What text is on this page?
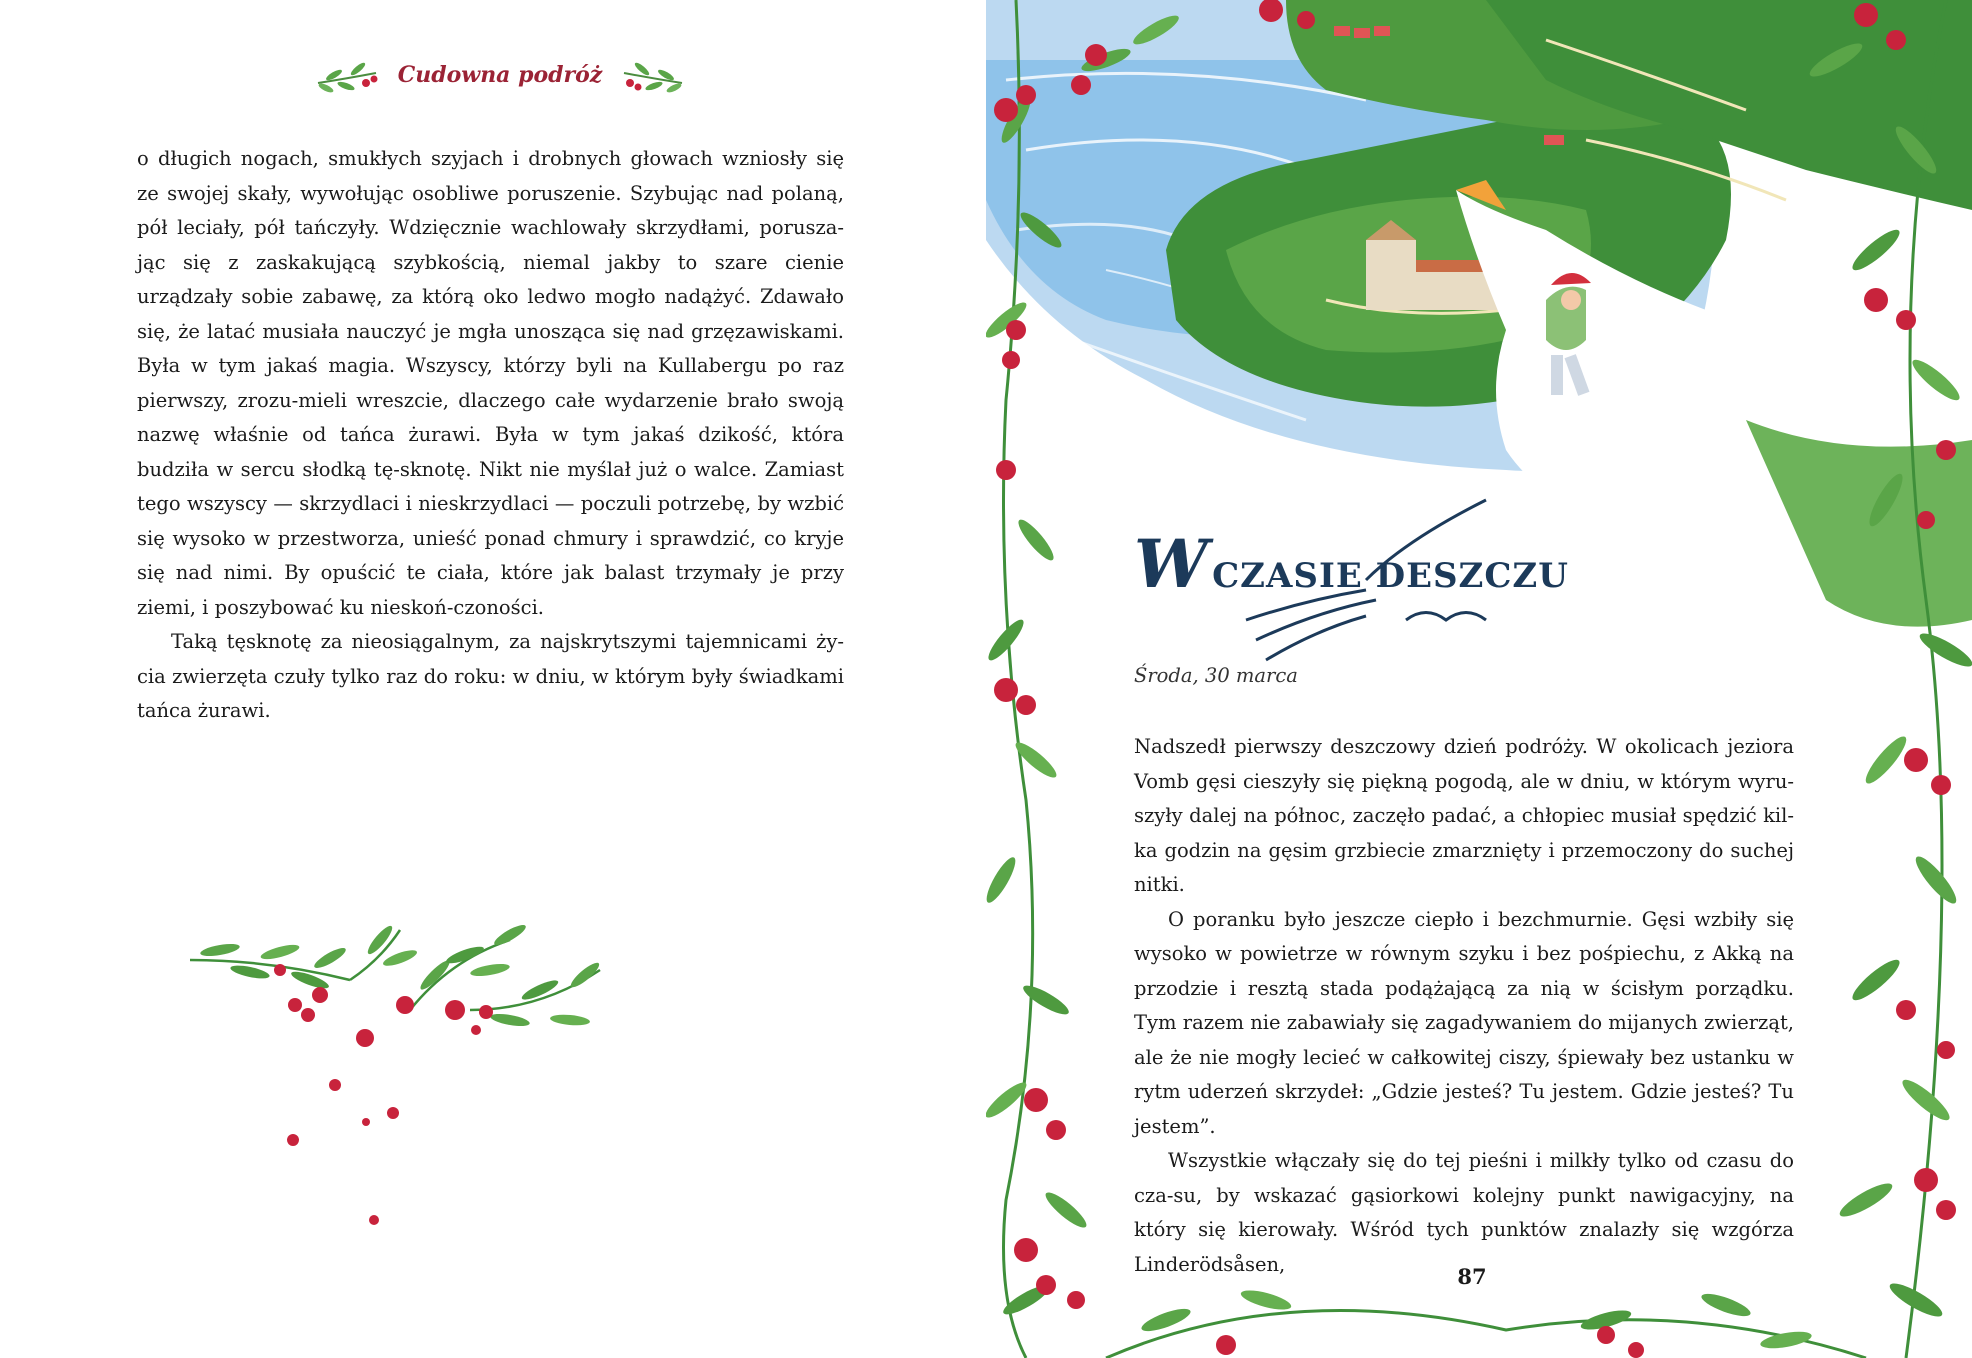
Cudowna podróż

o długich nogach, smukłych szyjach i drobnych głowach wzniosły się ze swojej skały, wywołując osobliwe poruszenie. Szybując nad polaną, pół leciały, pół tańczyły. Wdzięcznie wachlowały skrzydłami, porusza-jąc się z zaskakującą szybkością, niemal jakby to szare cienie urządzały sobie zabawę, za którą oko ledwo mogło nadążyć. Zdawało się, że latać musiała nauczyć je mgła unosząca się nad grzęzawiskami. Była w tym jakaś magia. Wszyscy, którzy byli na Kullabergu po raz pierwszy, zrozu-mieli wreszcie, dlaczego całe wydarzenie brało swoją nazwę właśnie od tańca żurawi. Była w tym jakaś dzikość, która budziła w sercu słodką tę-sknotę. Nikt nie myślał już o walce. Zamiast tego wszyscy — skrzydlaci i nieskrzydlaci — poczuli potrzebę, by wzbić się wysoko w przestworza, unieść ponad chmury i sprawdzić, co kryje się nad nimi. By opuścić te ciała, które jak balast trzymały je przy ziemi, i poszybować ku nieskoń-czoności.

Taką tęsknotę za nieosiągalnym, za najskrytszymi tajemnicami ży-cia zwierzęta czuły tylko raz do roku: w dniu, w którym były świadkami tańca żurawi.

W CZASIE DESZCZU
Środa, 30 marca

Nadszedł pierwszy deszczowy dzień podróży. W okolicach jeziora Vomb gęsi cieszyły się piękną pogodą, ale w dniu, w którym wyru-szyły dalej na północ, zaczęło padać, a chłopiec musiał spędzić kil-ka godzin na gęsim grzbiecie zmarznięty i przemoczony do suchej nitki.

O poranku było jeszcze ciepło i bezchmurnie. Gęsi wzbiły się wysoko w powietrze w równym szyku i bez pośpiechu, z Akką na przodzie i resztą stada podążającą za nią w ścisłym porządku. Tym razem nie zabawiały się zagadywaniem do mijanych zwierząt, ale że nie mogły lecieć w całkowitej ciszy, śpiewały bez ustanku w rytm uderzeń skrzydeł: „Gdzie jesteś? Tu jestem. Gdzie jesteś? Tu jestem”.

Wszystkie włączały się do tej pieśni i milkły tylko od czasu do cza-su, by wskazać gąsiorkowi kolejny punkt nawigacyjny, na który się kierowały. Wśród tych punktów znalazły się wzgórza Linderödsåsen,	87
